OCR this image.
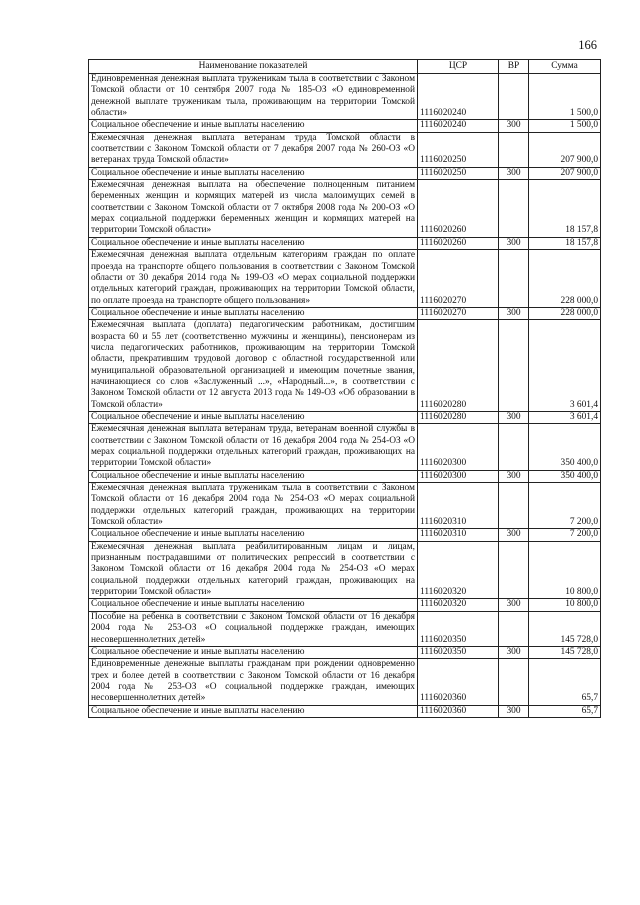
166
Наименование показателей	ЦСР	ВР	Сумма
Единовременная денежная выплата труженикам тыла в соответствии с Законом Томской области от 10 сентября 2007 года № 185-ОЗ «О единовременной денежной выплате труженикам тыла, проживающим на территории Томской области»	1116020240		1 500,0
Социальное обеспечение и иные выплаты населению	1116020240	300	1 500,0
Ежемесячная денежная выплата ветеранам труда Томской области в соответствии с Законом Томской области от 7 декабря 2007 года № 260-ОЗ «О ветеранах труда Томской области»	1116020250		207 900,0
Социальное обеспечение и иные выплаты населению	1116020250	300	207 900,0
Ежемесячная денежная выплата на обеспечение полноценным питанием беременных женщин и кормящих матерей из числа малоимущих семей в соответствии с Законом Томской области от 7 октября 2008 года № 200-ОЗ «О мерах социальной поддержки беременных женщин и кормящих матерей на территории Томской области»	1116020260		18 157,8
Социальное обеспечение и иные выплаты населению	1116020260	300	18 157,8
Ежемесячная денежная выплата отдельным категориям граждан по оплате проезда на транспорте общего пользования в соответствии с Законом Томской области от 30 декабря 2014 года № 199-ОЗ «О мерах социальной поддержки отдельных категорий граждан, проживающих на территории Томской области, по оплате проезда на транспорте общего пользования»	1116020270		228 000,0
Социальное обеспечение и иные выплаты населению	1116020270	300	228 000,0
Ежемесячная выплата (доплата) педагогическим работникам, достигшим возраста 60 и 55 лет (соответственно мужчины и женщины), пенсионерам из числа педагогических работников, проживающим на территории Томской области, прекратившим трудовой договор с областной государственной или муниципальной образовательной организацией и имеющим почетные звания, начинающиеся со слов «Заслуженный ...», «Народный...», в соответствии с Законом Томской области от 12 августа 2013 года № 149-ОЗ «Об образовании в Томской области»	1116020280		3 601,4
Социальное обеспечение и иные выплаты населению	1116020280	300	3 601,4
Ежемесячная денежная выплата ветеранам труда, ветеранам военной службы в соответствии с Законом Томской области от 16 декабря 2004 года № 254-ОЗ «О мерах социальной поддержки отдельных категорий граждан, проживающих на территории Томской области»	1116020300		350 400,0
Социальное обеспечение и иные выплаты населению	1116020300	300	350 400,0
Ежемесячная денежная выплата труженикам тыла в соответствии с Законом Томской области от 16 декабря 2004 года № 254-ОЗ «О мерах социальной поддержки отдельных категорий граждан, проживающих на территории Томской области»	1116020310		7 200,0
Социальное обеспечение и иные выплаты населению	1116020310	300	7 200,0
Ежемесячная денежная выплата реабилитированным лицам и лицам, признанным пострадавшими от политических репрессий в соответствии с Законом Томской области от 16 декабря 2004 года № 254-ОЗ «О мерах социальной поддержки отдельных категорий граждан, проживающих на территории Томской области»	1116020320		10 800,0
Социальное обеспечение и иные выплаты населению	1116020320	300	10 800,0
Пособие на ребенка в соответствии с Законом Томской области от 16 декабря 2004 года № 253-ОЗ «О социальной поддержке граждан, имеющих несовершеннолетних детей»	1116020350		145 728,0
Социальное обеспечение и иные выплаты населению	1116020350	300	145 728,0
Единовременные денежные выплаты гражданам при рождении одновременно трех и более детей в соответствии с Законом Томской области от 16 декабря 2004 года № 253-ОЗ «О социальной поддержке граждан, имеющих несовершеннолетних детей»	1116020360		65,7
Социальное обеспечение и иные выплаты населению	1116020360	300	65,7
